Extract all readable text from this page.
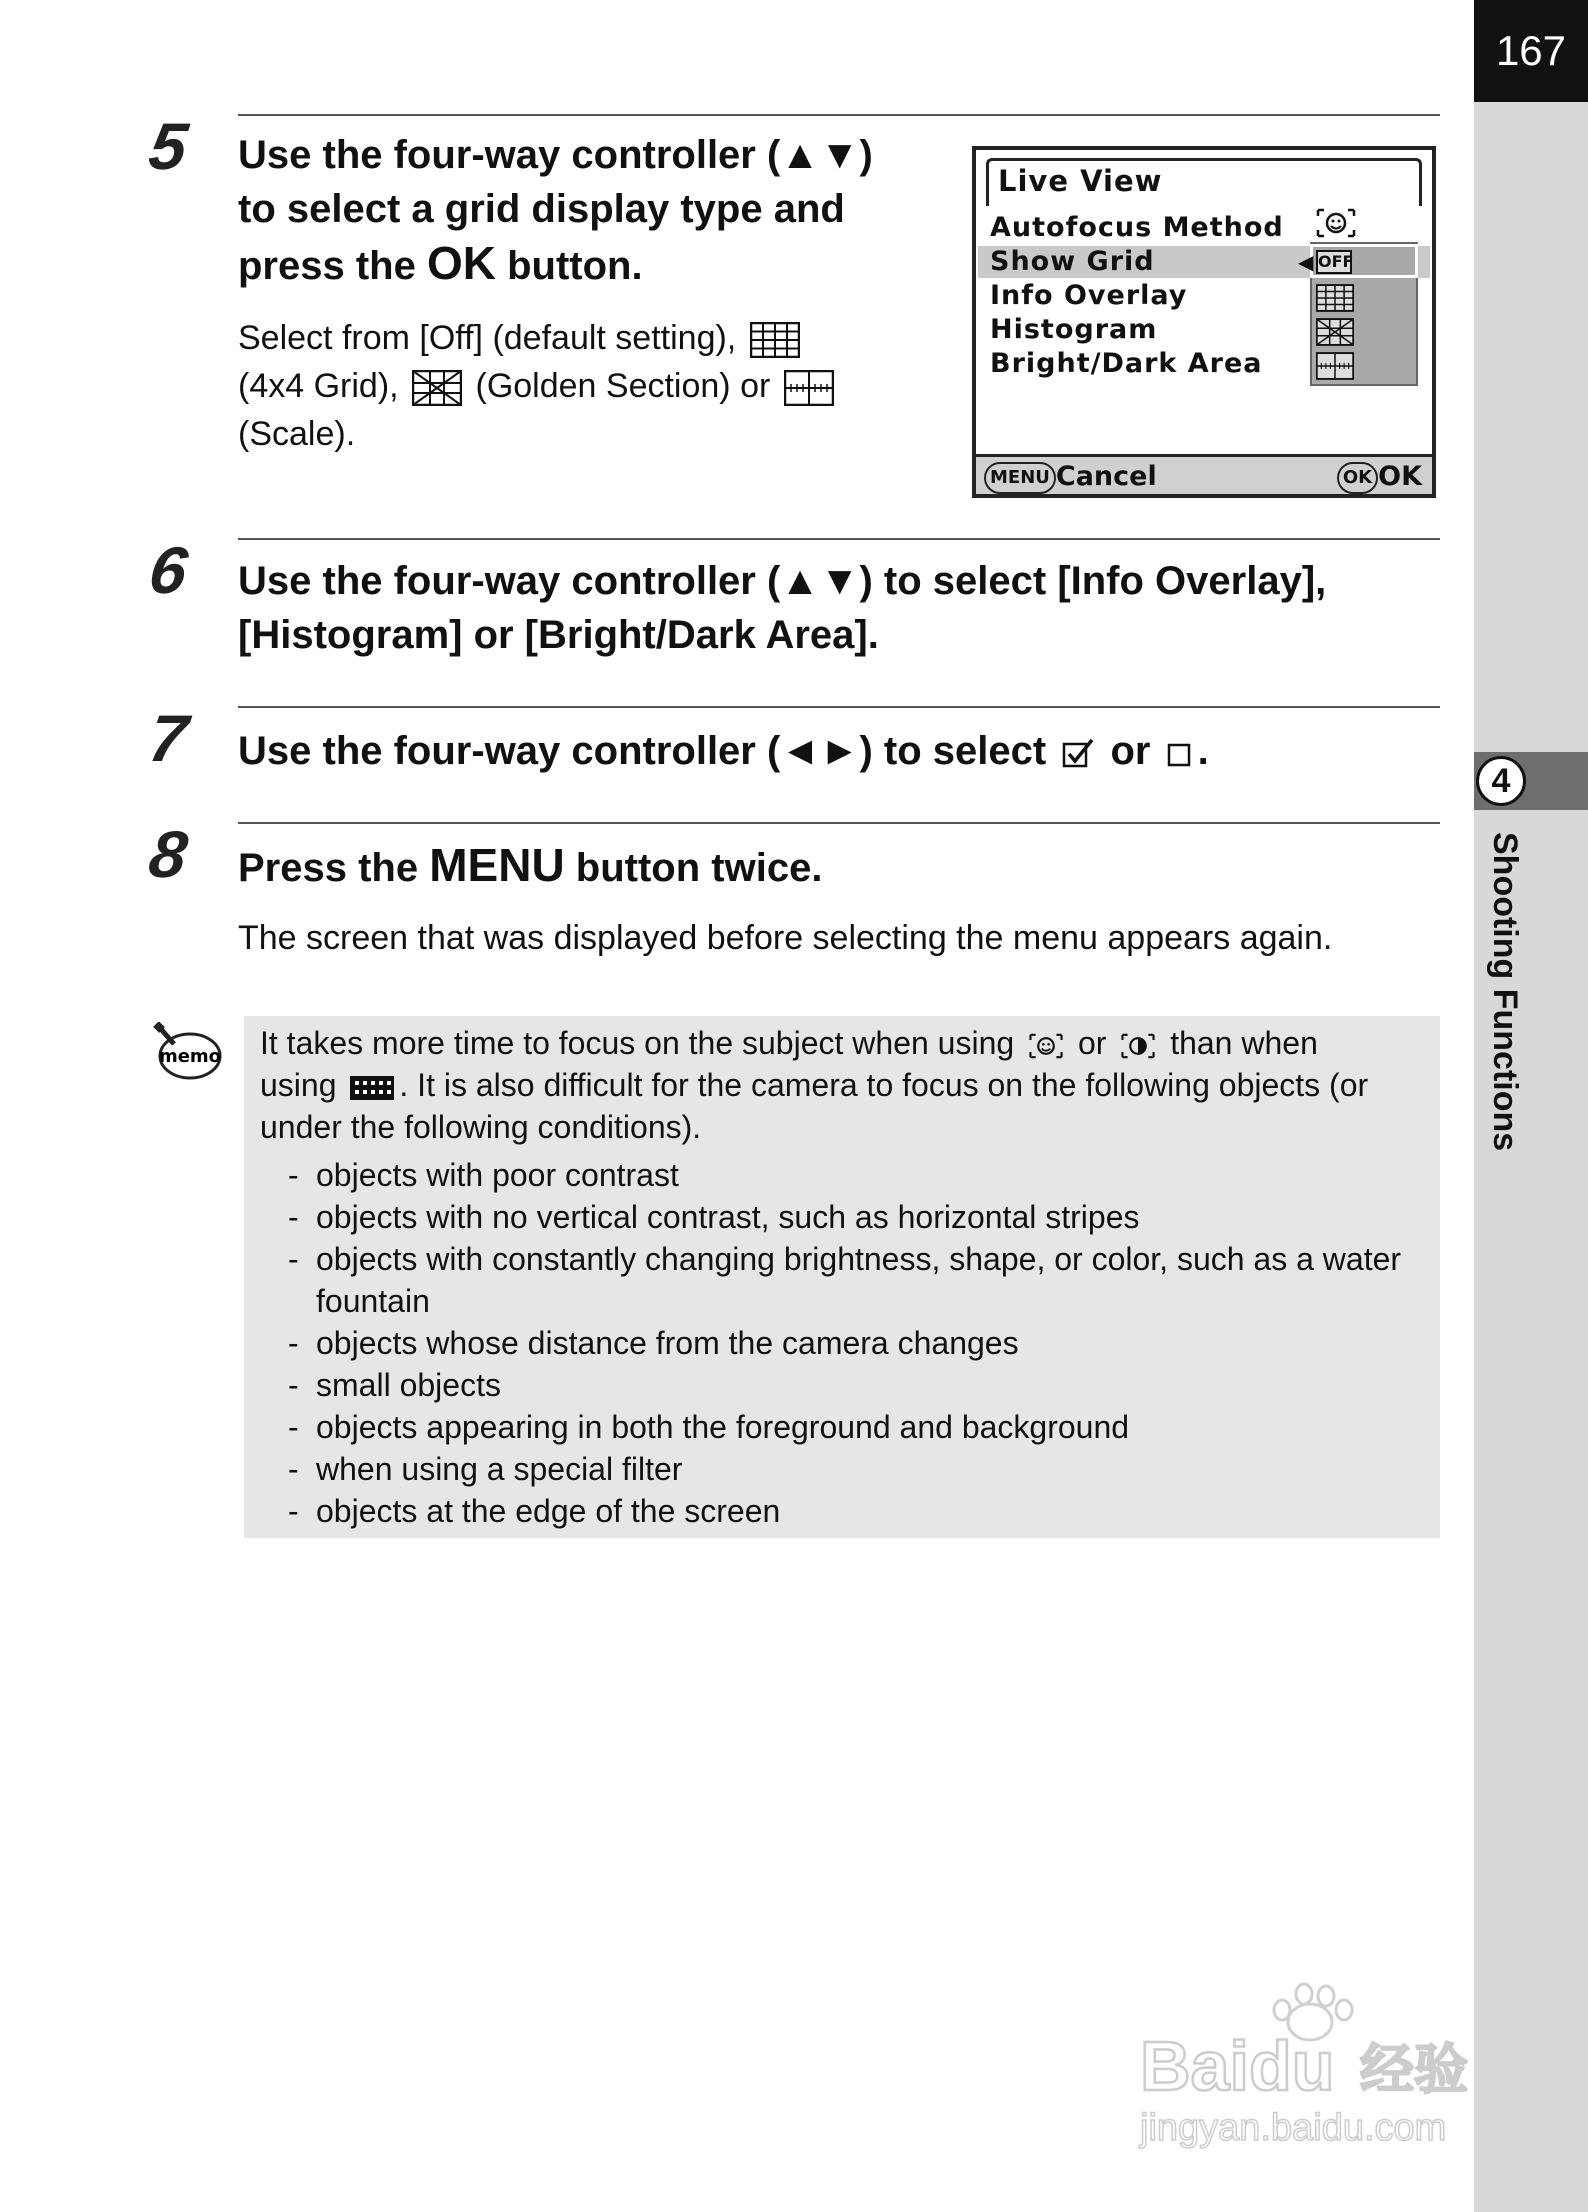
167
4
Shooting Functions
5 Use the four-way controller (▲▼)
to select a grid display type and
press the OK button.
Select from [Off] (default setting),
(4x4 Grid),  (Golden Section) or
(Scale).
Live View
Autofocus Method
Show Grid
Info Overlay
Histogram
Bright/Dark Area
◀ OFF
MENU Cancel	OK OK
6 Use the four-way controller (▲▼) to select [Info Overlay],
[Histogram] or [Bright/Dark Area].
7 Use the four-way controller (◄►) to select  or .
8 Press the MENU button twice.
The screen that was displayed before selecting the menu appears again.
memo It takes more time to focus on the subject when using  or  than when
using . It is also difficult for the camera to focus on the following objects (or
under the following conditions).
- objects with poor contrast
- objects with no vertical contrast, such as horizontal stripes
- objects with constantly changing brightness, shape, or color, such as a water fountain
- objects whose distance from the camera changes
- small objects
- objects appearing in both the foreground and background
- when using a special filter
- objects at the edge of the screen
Baidu 经验
jingyan.baidu.com
